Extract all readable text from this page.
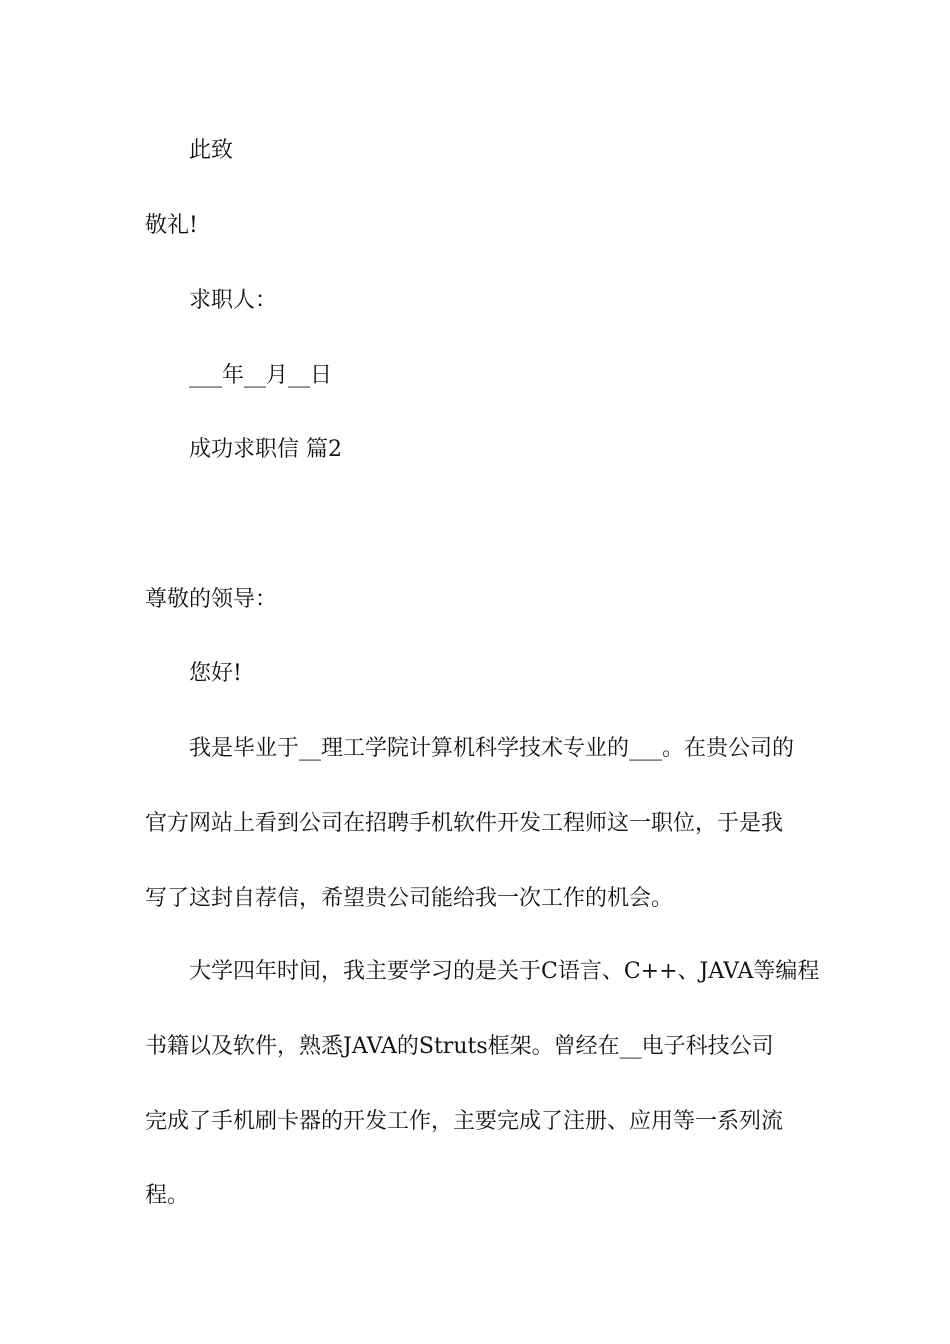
此致

敬礼!

求职人：

___年__月__日

成功求职信 篇2

尊敬的领导：

您好!

我是毕业于__理工学院计算机科学技术专业的___。在贵公司的

官方网站上看到公司在招聘手机软件开发工程师这一职位，于是我

写了这封自荐信，希望贵公司能给我一次工作的机会。

大学四年时间，我主要学习的是关于C语言、C++、JAVA等编程

书籍以及软件，熟悉JAVA的Struts框架。曾经在__电子科技公司

完成了手机刷卡器的开发工作，主要完成了注册、应用等一系列流

程。
